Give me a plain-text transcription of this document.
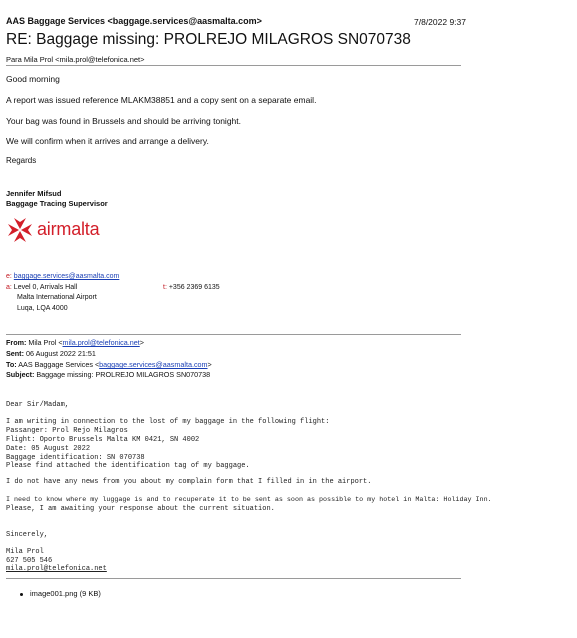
AAS Baggage Services <baggage.services@aasmalta.com>	7/8/2022 9:37
RE: Baggage missing: PROLREJO MILAGROS SN070738
Para Mila Prol <mila.prol@telefonica.net>
Good morning
A report was issued reference MLAKM38851 and a copy sent on a separate email.
Your bag was found in Brussels and should be arriving tonight.
We will confirm when it arrives and arrange a delivery.
Regards
Jennifer Mifsud
Baggage Tracing Supervisor
airmalta
e: baggage.services@aasmalta.com
a: Level 0, Arrivals Hall	t: +356 2369 6135
Malta International Airport
Luqa, LQA 4000
From: Mila Prol <mila.prol@telefonica.net>
Sent: 06 August 2022 21:51
To: AAS Baggage Services <baggage.services@aasmalta.com>
Subject: Baggage missing: PROLREJO MILAGROS SN070738
Dear Sir/Madam,
I am writing in connection to the lost of my baggage in the following flight:
Passanger: Prol Rejo Milagros
Flight: Oporto Brussels Malta KM 0421, SN 4002
Date: 05 August 2022
Baggage identification: SN 070738
Please find attached the identification tag of my baggage.
I do not have any news from you about my complain form that I filled in in the airport.
I need to know where my luggage is and to recuperate it to be sent as soon as possible to my hotel in Malta: Holiday Inn.
Please, I am awaiting your response about the current situation.
Sincerely,
Mila Prol
627 505 546
mila.prol@telefonica.net
image001.png (9 KB)
